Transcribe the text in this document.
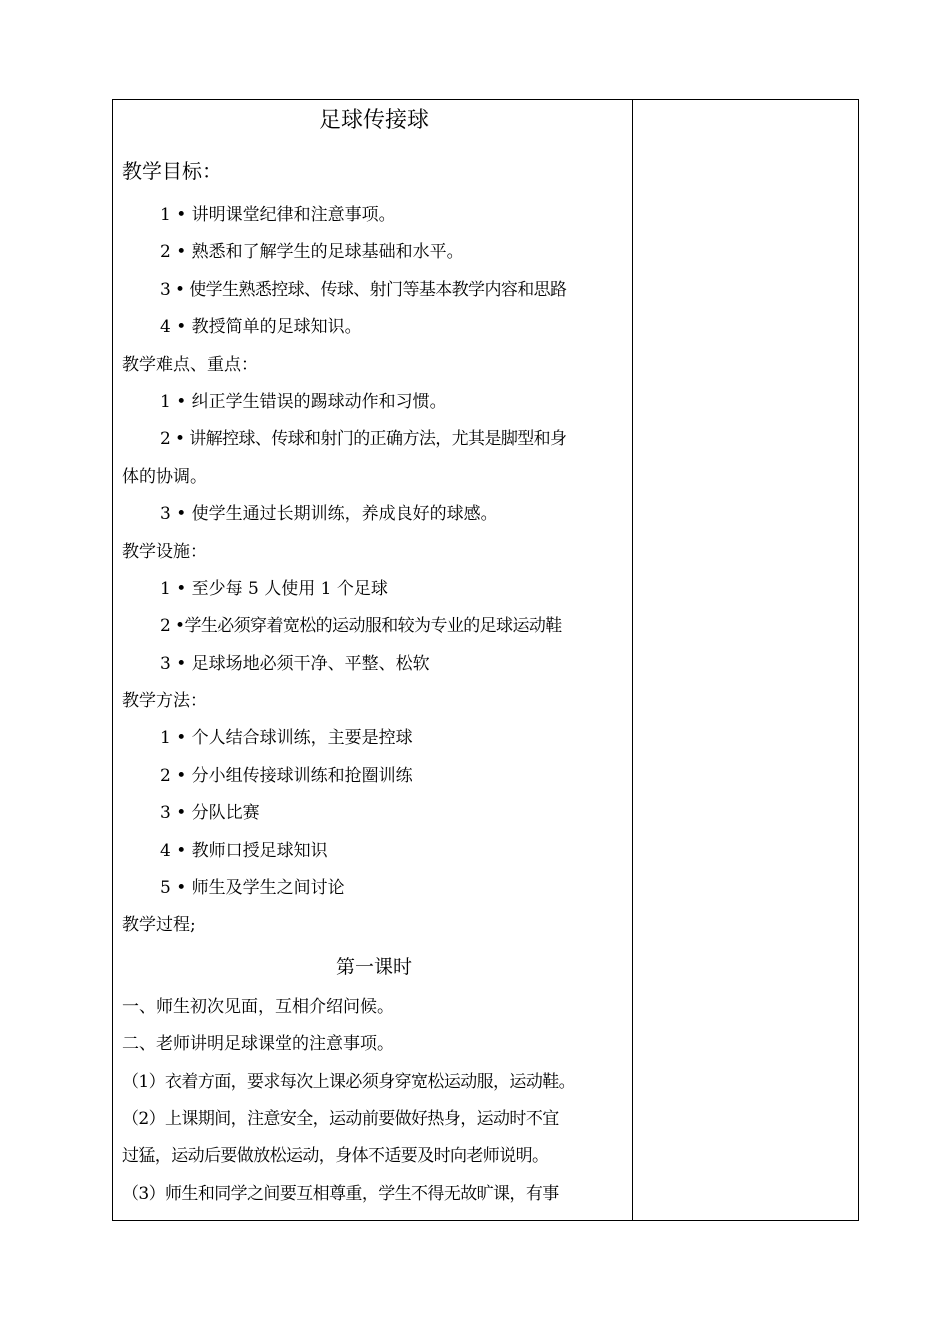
足球传接球
教学目标：
1 • 讲明课堂纪律和注意事项。
2 • 熟悉和了解学生的足球基础和水平。
3 • 使学生熟悉控球、传球、射门等基本教学内容和思路
4 • 教授简单的足球知识。
教学难点、重点：
1 • 纠正学生错误的踢球动作和习惯。
2 • 讲解控球、传球和射门的正确方法，尤其是脚型和身
体的协调。
3 • 使学生通过长期训练，养成良好的球感。
教学设施：
1 • 至少每 5 人使用 1 个足球
2 •学生必须穿着宽松的运动服和较为专业的足球运动鞋
3 • 足球场地必须干净、平整、松软
教学方法：
1 • 个人结合球训练，主要是控球
2 • 分小组传接球训练和抢圈训练
3 • 分队比赛
4 • 教师口授足球知识
5 • 师生及学生之间讨论
教学过程;
第一课时
一、师生初次见面，互相介绍问候。
二、老师讲明足球课堂的注意事项。
（1）衣着方面，要求每次上课必须身穿宽松运动服，运动鞋。
（2）上课期间，注意安全，运动前要做好热身，运动时不宜
过猛，运动后要做放松运动，身体不适要及时向老师说明。
（3）师生和同学之间要互相尊重，学生不得无故旷课，有事
